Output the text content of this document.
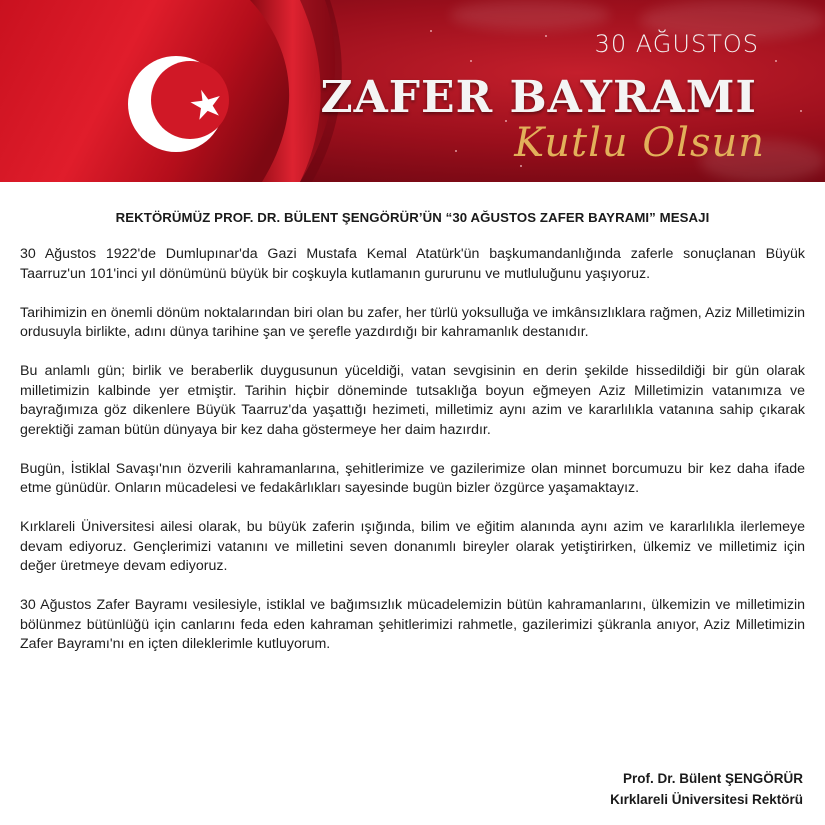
30 AĞUSTOS
ZAFER BAYRAMI
Kutlu Olsun
REKTÖRÜMÜZ PROF. DR. BÜLENT ŞENGÖRÜR’ÜN “30 AĞUSTOS ZAFER BAYRAMI” MESAJI

30 Ağustos 1922'de Dumlupınar'da Gazi Mustafa Kemal Atatürk'ün başkumandanlığında zaferle sonuçlanan Büyük Taarruz'un 101'inci yıl dönümünü büyük bir coşkuyla kutlamanın gururunu ve mutluluğunu yaşıyoruz.

Tarihimizin en önemli dönüm noktalarından biri olan bu zafer, her türlü yoksulluğa ve imkânsızlıklara rağmen, Aziz Milletimizin ordusuyla birlikte, adını dünya tarihine şan ve şerefle yazdırdığı bir kahramanlık destanıdır.

Bu anlamlı gün; birlik ve beraberlik duygusunun yüceldiği, vatan sevgisinin en derin şekilde hissedildiği bir gün olarak milletimizin kalbinde yer etmiştir. Tarihin hiçbir döneminde tutsaklığa boyun eğmeyen Aziz Milletimizin vatanımıza ve bayrağımıza göz dikenlere Büyük Taarruz'da yaşattığı hezimeti, milletimiz aynı azim ve kararlılıkla vatanına sahip çıkarak gerektiği zaman bütün dünyaya bir kez daha göstermeye her daim hazırdır.

Bugün, İstiklal Savaşı'nın özverili kahramanlarına, şehitlerimize ve gazilerimize olan minnet borcumuzu bir kez daha ifade etme günüdür. Onların mücadelesi ve fedakârlıkları sayesinde bugün bizler özgürce yaşamaktayız.

Kırklareli Üniversitesi ailesi olarak, bu büyük zaferin ışığında, bilim ve eğitim alanında aynı azim ve kararlılıkla ilerlemeye devam ediyoruz. Gençlerimizi vatanını ve milletini seven donanımlı bireyler olarak yetiştirirken, ülkemiz ve milletimiz için değer üretmeye devam ediyoruz.

30 Ağustos Zafer Bayramı vesilesiyle, istiklal ve bağımsızlık mücadelemizin bütün kahramanlarını, ülkemizin ve milletimizin bölünmez bütünlüğü için canlarını feda eden kahraman şehitlerimizi rahmetle, gazilerimizi şükranla anıyor, Aziz Milletimizin Zafer Bayramı'nı en içten dileklerimle kutluyorum.

Prof. Dr. Bülent ŞENGÖRÜR
Kırklareli Üniversitesi Rektörü
